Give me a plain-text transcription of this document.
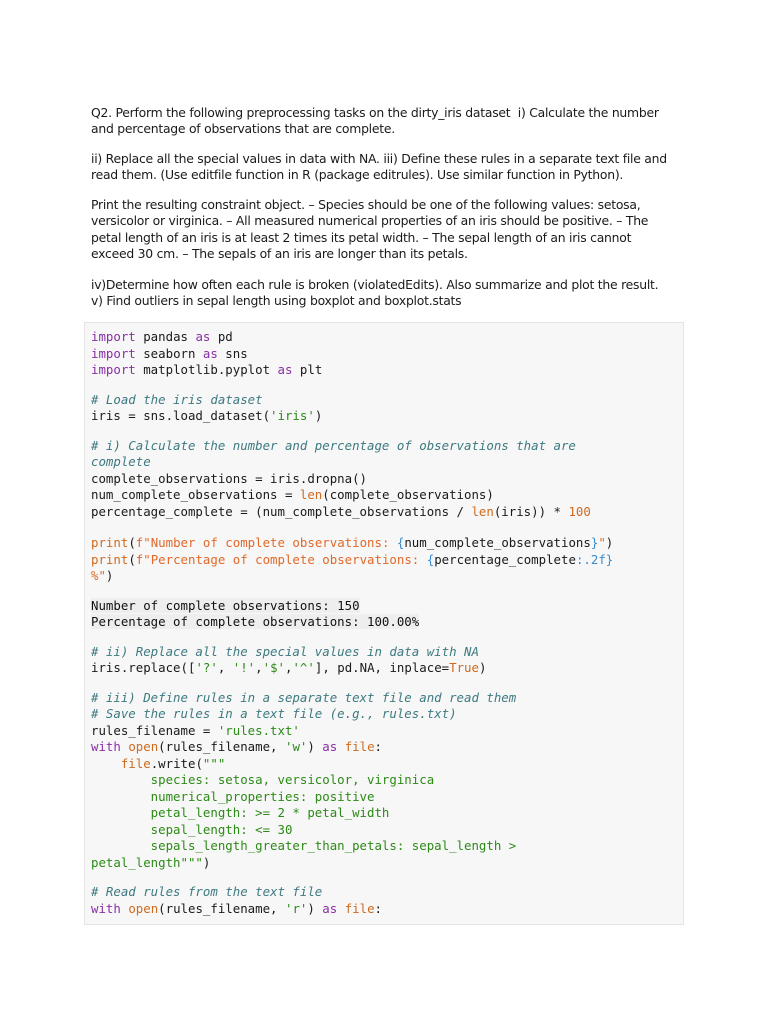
Q2. Perform the following preprocessing tasks on the dirty_iris dataset  i) Calculate the number
and percentage of observations that are complete.

ii) Replace all the special values in data with NA. iii) Define these rules in a separate text file and
read them. (Use editfile function in R (package editrules). Use similar function in Python).

Print the resulting constraint object. – Species should be one of the following values: setosa,
versicolor or virginica. – All measured numerical properties of an iris should be positive. – The
petal length of an iris is at least 2 times its petal width. – The sepal length of an iris cannot
exceed 30 cm. – The sepals of an iris are longer than its petals.

iv)Determine how often each rule is broken (violatedEdits). Also summarize and plot the result.
v) Find outliers in sepal length using boxplot and boxplot.stats

import pandas as pd
import seaborn as sns
import matplotlib.pyplot as plt
# Load the iris dataset
iris = sns.load_dataset('iris')
# i) Calculate the number and percentage of observations that are
complete
complete_observations = iris.dropna()
num_complete_observations = len(complete_observations)
percentage_complete = (num_complete_observations / len(iris)) * 100
print(f"Number of complete observations: {num_complete_observations}")
print(f"Percentage of complete observations: {percentage_complete:.2f}
%")
Number of complete observations: 150
Percentage of complete observations: 100.00%
# ii) Replace all the special values in data with NA
iris.replace(['?', '!','$','^'], pd.NA, inplace=True)
# iii) Define rules in a separate text file and read them
# Save the rules in a text file (e.g., rules.txt)
rules_filename = 'rules.txt'
with open(rules_filename, 'w') as file:
file.write("""
species: setosa, versicolor, virginica
numerical_properties: positive
petal_length: >= 2 * petal_width
sepal_length: <= 30
sepals_length_greater_than_petals: sepal_length >
petal_length""")
# Read rules from the text file
with open(rules_filename, 'r') as file:
